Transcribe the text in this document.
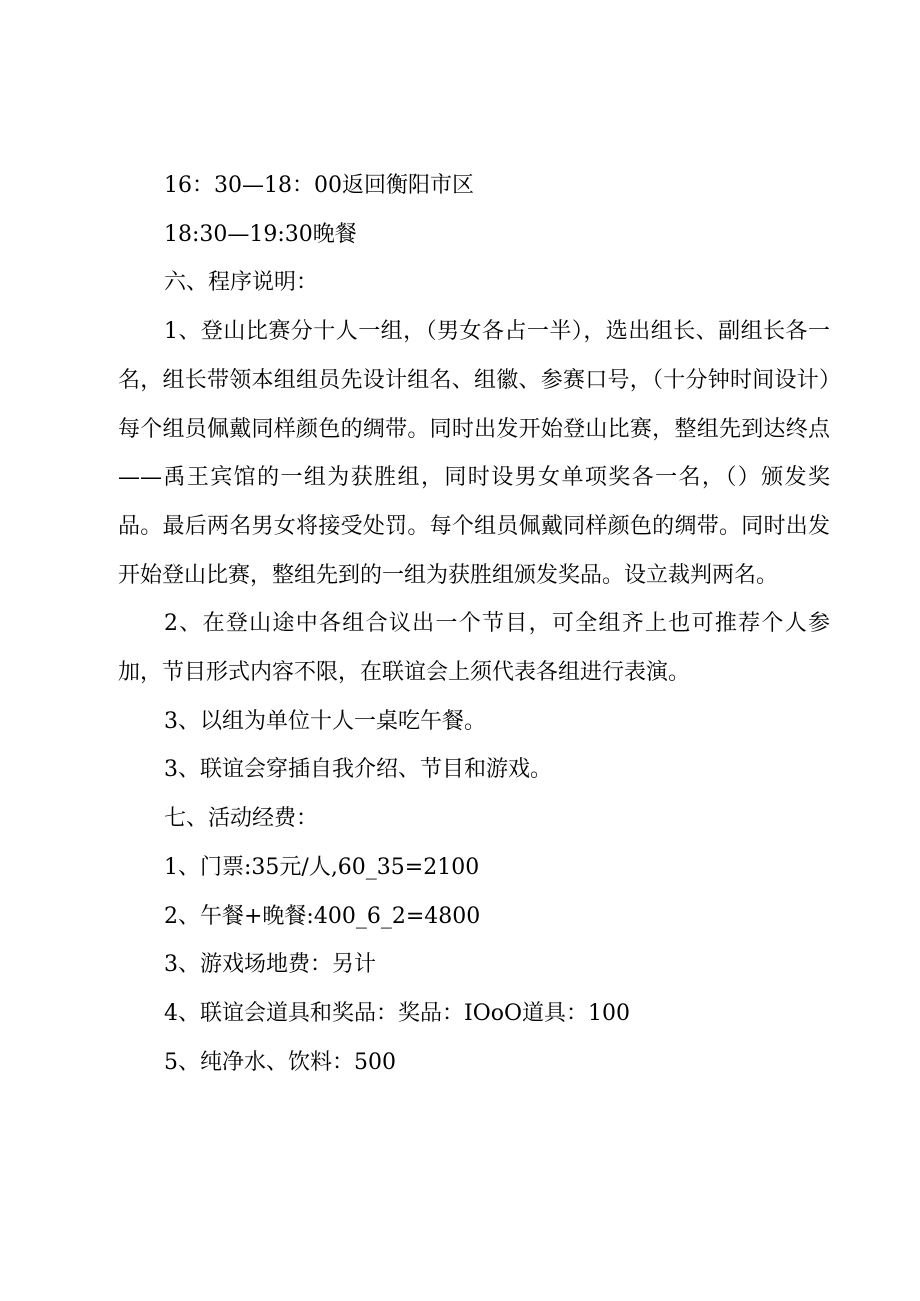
16：30—18：00返回衡阳市区
18:30—19:30晚餐
六、程序说明：
1、登山比赛分十人一组，（男女各占一半），选出组长、副组长各一名，组长带领本组组员先设计组名、组徽、参赛口号，（十分钟时间设计）每个组员佩戴同样颜色的绸带。同时出发开始登山比赛，整组先到达终点——禹王宾馆的一组为获胜组，同时设男女单项奖各一名，（）颁发奖品。最后两名男女将接受处罚。每个组员佩戴同样颜色的绸带。同时出发开始登山比赛，整组先到的一组为获胜组颁发奖品。设立裁判两名。
2、在登山途中各组合议出一个节目，可全组齐上也可推荐个人参加，节目形式内容不限，在联谊会上须代表各组进行表演。
3、以组为单位十人一桌吃午餐。
3、联谊会穿插自我介绍、节目和游戏。
七、活动经费：
1、门票:35元/人,60_35=2100
2、午餐+晚餐:400_6_2=4800
3、游戏场地费：另计
4、联谊会道具和奖品：奖品：IOoO道具：100
5、纯净水、饮料：500
